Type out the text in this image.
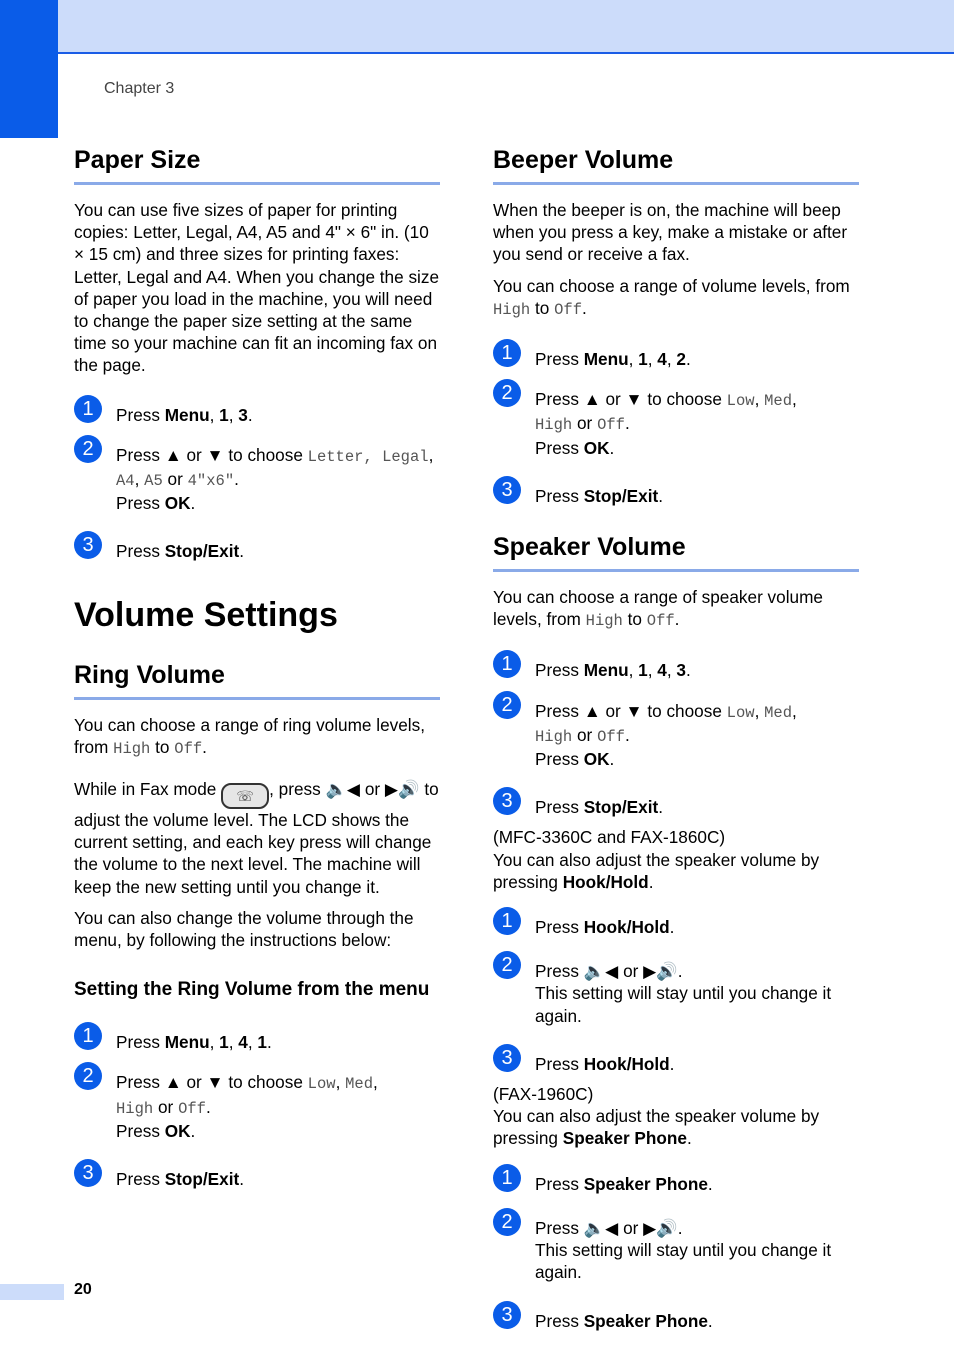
Chapter 3
Paper Size

You can use five sizes of paper for printing copies: Letter, Legal, A4, A5 and 4" × 6" in. (10 × 15 cm) and three sizes for printing faxes: Letter, Legal and A4. When you change the size of paper you load in the machine, you will need to change the paper size setting at the same time so your machine can fit an incoming fax on the page.

1	Press Menu, 1, 3.
2	Press ▲ or ▼ to choose Letter, Legal, A4, A5 or 4"x6".
Press OK.
3	Press Stop/Exit.
Volume Settings
Ring Volume

You can choose a range of ring volume levels, from High to Off.

While in Fax mode ☏ , press 🔈◀ or ▶🔊 to adjust the volume level. The LCD shows the current setting, and each key press will change the volume to the next level. The machine will keep the new setting until you change it.

You can also change the volume through the menu, by following the instructions below:

Setting the Ring Volume from the menu
1	Press Menu, 1, 4, 1.
2	Press ▲ or ▼ to choose Low, Med,
High or Off.
Press OK.
3	Press Stop/Exit.
Beeper Volume

When the beeper is on, the machine will beep when you press a key, make a mistake or after you send or receive a fax.

You can choose a range of volume levels, from High to Off.

1	Press Menu, 1, 4, 2.
2	Press ▲ or ▼ to choose Low, Med,
High or Off.
Press OK.
3	Press Stop/Exit.
Speaker Volume

You can choose a range of speaker volume levels, from High to Off.

1	Press Menu, 1, 4, 3.
2	Press ▲ or ▼ to choose Low, Med,
High or Off.
Press OK.
3	Press Stop/Exit.

(MFC-3360C and FAX-1860C)

You can also adjust the speaker volume by pressing Hook/Hold.

1	Press Hook/Hold.
2	Press 🔈◀ or ▶🔊.
This setting will stay until you change it again.
3	Press Hook/Hold.

(FAX-1960C)

You can also adjust the speaker volume by pressing Speaker Phone.

1	Press Speaker Phone.
2	Press 🔈◀ or ▶🔊.
This setting will stay until you change it again.
3	Press Speaker Phone.
20
